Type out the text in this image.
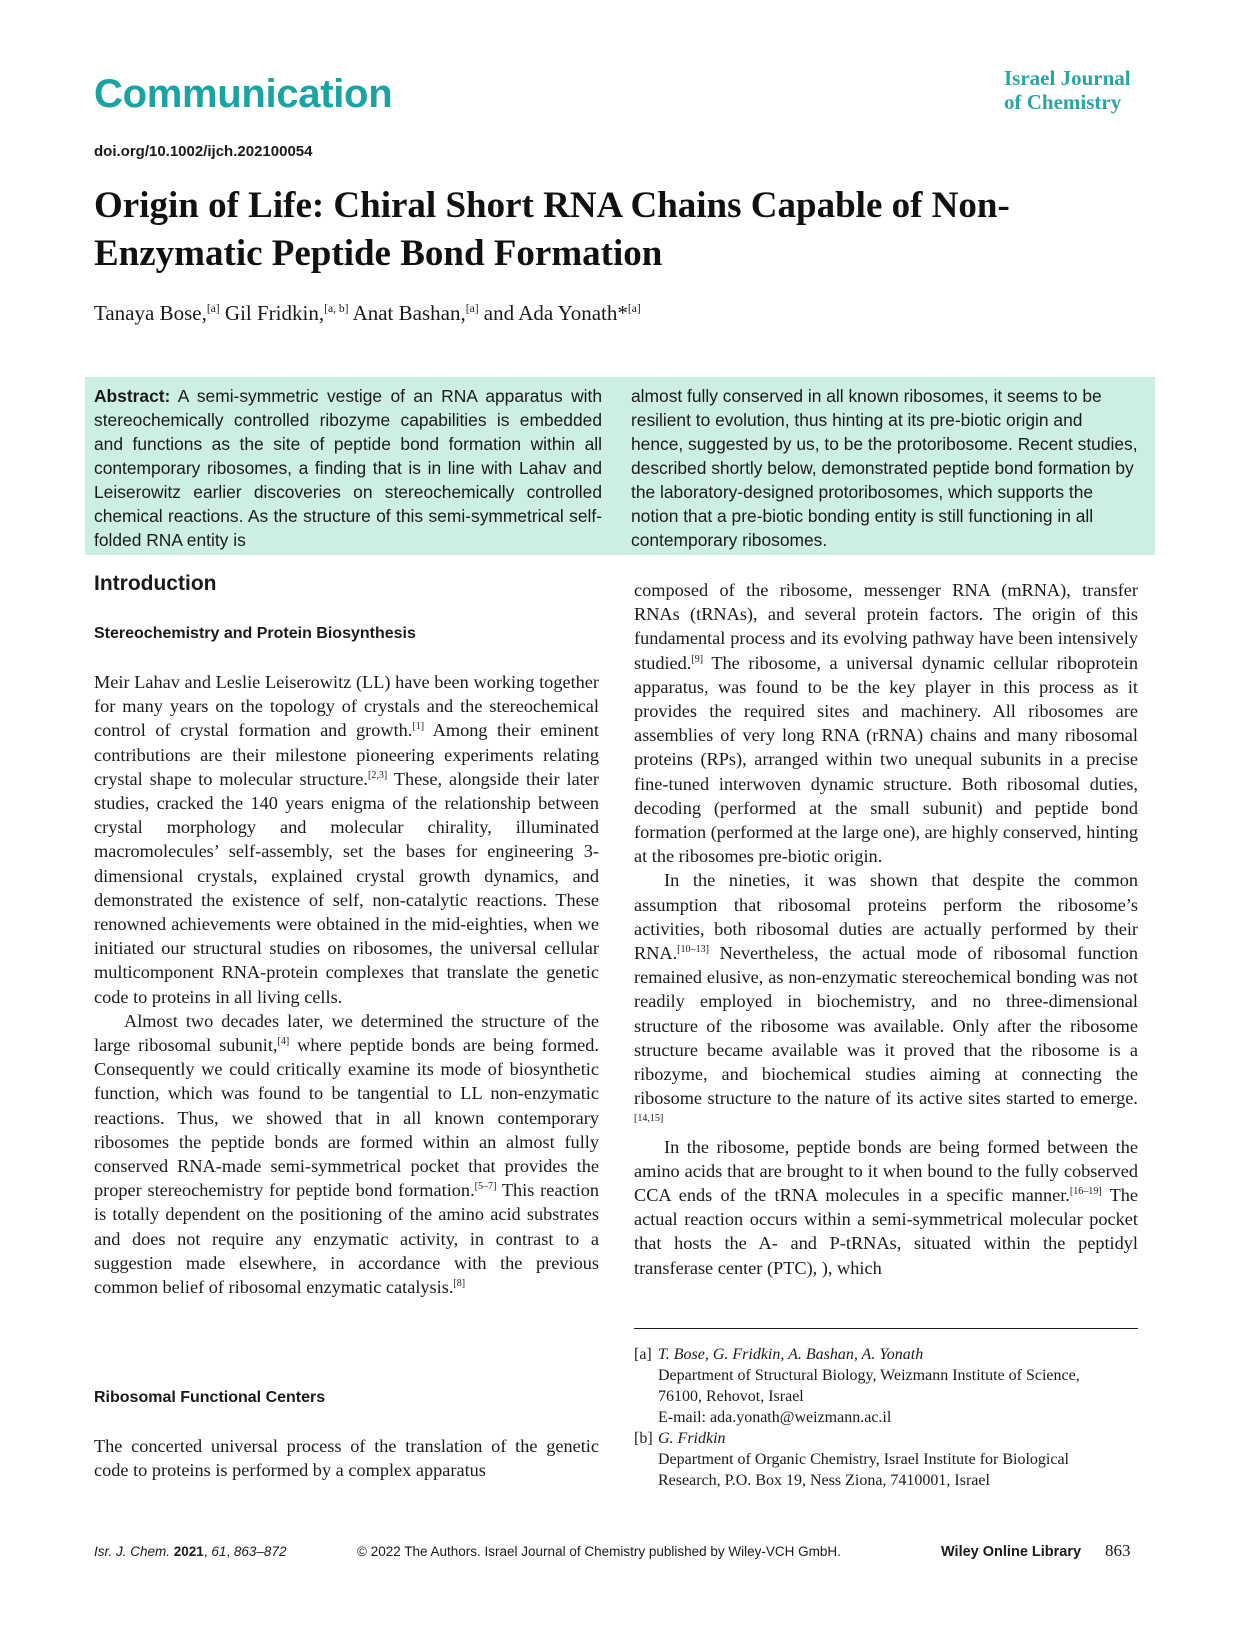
Communication	Israel Journal
of Chemistry
doi.org/10.1002/ijch.202100054
Origin of Life: Chiral Short RNA Chains Capable of Non-Enzymatic Peptide Bond Formation
Tanaya Bose,[a] Gil Fridkin,[a, b] Anat Bashan,[a] and Ada Yonath*[a]
Abstract: A semi-symmetric vestige of an RNA apparatus with stereochemically controlled ribozyme capabilities is embedded and functions as the site of peptide bond formation within all contemporary ribosomes, a finding that is in line with Lahav and Leiserowitz earlier discoveries on stereochemically controlled chemical reactions. As the structure of this semi-symmetrical self-folded RNA entity is
almost fully conserved in all known ribosomes, it seems to be resilient to evolution, thus hinting at its pre-biotic origin and hence, suggested by us, to be the protoribosome. Recent studies, described shortly below, demonstrated peptide bond formation by the laboratory-designed protoribosomes, which supports the notion that a pre-biotic bonding entity is still functioning in all contemporary ribosomes.
Introduction
Stereochemistry and Protein Biosynthesis
Ribosomal Functional Centers

Meir Lahav and Leslie Leiserowitz (LL) have been working together for many years on the topology of crystals and the stereochemical control of crystal formation and growth.[1] Among their eminent contributions are their milestone pioneering experiments relating crystal shape to molecular structure.[2,3] These, alongside their later studies, cracked the 140 years enigma of the relationship between crystal morphology and molecular chirality, illuminated macromolecules’ self-assembly, set the bases for engineering 3-dimensional crystals, explained crystal growth dynamics, and demonstrated the existence of self, non-catalytic reactions. These renowned achievements were obtained in the mid-eighties, when we initiated our structural studies on ribosomes, the universal cellular multicomponent RNA-protein complexes that translate the genetic code to proteins in all living cells.

Almost two decades later, we determined the structure of the large ribosomal subunit,[4] where peptide bonds are being formed. Consequently we could critically examine its mode of biosynthetic function, which was found to be tangential to LL non-enzymatic reactions. Thus, we showed that in all known contemporary ribosomes the peptide bonds are formed within an almost fully conserved RNA-made semi-symmetrical pocket that provides the proper stereochemistry for peptide bond formation.[5–7] This reaction is totally dependent on the positioning of the amino acid substrates and does not require any enzymatic activity, in contrast to a suggestion made elsewhere, in accordance with the previous common belief of ribosomal enzymatic catalysis.[8]

The concerted universal process of the translation of the genetic code to proteins is performed by a complex apparatus

composed of the ribosome, messenger RNA (mRNA), transfer RNAs (tRNAs), and several protein factors. The origin of this fundamental process and its evolving pathway have been intensively studied.[9] The ribosome, a universal dynamic cellular riboprotein apparatus, was found to be the key player in this process as it provides the required sites and machinery. All ribosomes are assemblies of very long RNA (rRNA) chains and many ribosomal proteins (RPs), arranged within two unequal subunits in a precise fine-tuned interwoven dynamic structure. Both ribosomal duties, decoding (performed at the small subunit) and peptide bond formation (performed at the large one), are highly conserved, hinting at the ribosomes pre-biotic origin.

In the nineties, it was shown that despite the common assumption that ribosomal proteins perform the ribosome’s activities, both ribosomal duties are actually performed by their RNA.[10–13] Nevertheless, the actual mode of ribosomal function remained elusive, as non-enzymatic stereochemical bonding was not readily employed in biochemistry, and no three-dimensional structure of the ribosome was available. Only after the ribosome structure became available was it proved that the ribosome is a ribozyme, and biochemical studies aiming at connecting the ribosome structure to the nature of its active sites started to emerge.[14,15]

In the ribosome, peptide bonds are being formed between the amino acids that are brought to it when bound to the fully cobserved CCA ends of the tRNA molecules in a specific manner.[16–19] The actual reaction occurs within a semi-symmetrical molecular pocket that hosts the A- and P-tRNAs, situated within the peptidyl transferase center (PTC), ), which

[a] T. Bose, G. Fridkin, A. Bashan, A. Yonath
Department of Structural Biology, Weizmann Institute of Science,
76100, Rehovot, Israel
E-mail: ada.yonath@weizmann.ac.il
[b] G. Fridkin
Department of Organic Chemistry, Israel Institute for Biological
Research, P.O. Box 19, Ness Ziona, 7410001, Israel
Isr. J. Chem. 2021, 61, 863–872	© 2022 The Authors. Israel Journal of Chemistry published by Wiley-VCH GmbH.	Wiley Online Library 863
